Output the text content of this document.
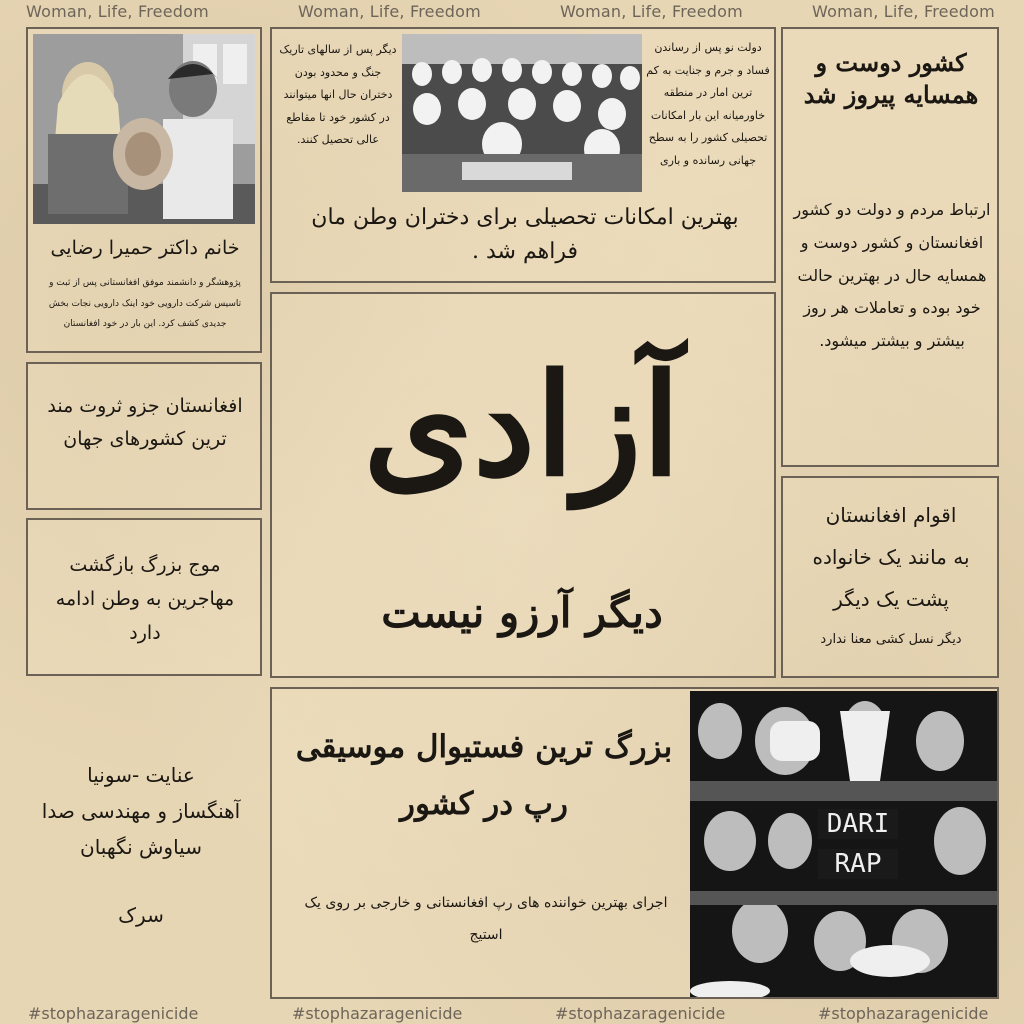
Woman, Life, Freedom	Woman, Life, Freedom	Woman, Life, Freedom	Woman, Life, Freedom
خانم داکتر حمیرا رضایی
پژوهشگر و دانشمند موفق افغانستانی پس از ثبت و تاسیس شرکت دارویی خود اینک دارویی نجات بخش جدیدی کشف کرد. این بار در خود افغانستان
دولت نو پس از رساندن فساد و جرم و جنایت به کم ترین امار در منطقه خاورمیانه این بار امکانات تحصیلی کشور را به سطح جهانی رسانده و باری
دیگر پس از سالهای تاریک جنگ و محدود بودن دختران حال انها میتوانند در کشور خود تا مقاطع عالی تحصیل کنند.
بهترین امکانات تحصیلی برای دختران وطن مان فراهم شد .
کشور دوست و همسایه پیروز شد
ارتباط مردم و دولت دو کشور افغانستان و کشور دوست و همسایه حال در بهترین حالت خود بوده و تعاملات هر روز بیشتر و بیشتر میشود.
افغانستان جزو ثروت مند ترین کشورهای جهان
موج بزرگ بازگشت مهاجرین به وطن ادامه دارد
آزادی
دیگر آرزو نیست
اقوام افغانستان
به مانند یک خانواده
پشت یک دیگر
دیگر نسل کشی معنا ندارد
عنایت -سونیا
آهنگساز و مهندسی صدا
سیاوش نگهبان
سرک
بزرگ ترین فستیوال موسیقی رپ در کشور
اجرای بهترین خواننده های رپ افغانستانی و خارجی بر روی یک استیج
DARI
RAP
#stophazaragenicide	#stophazaragenicide	#stophazaragenicide	#stophazaragenicide
